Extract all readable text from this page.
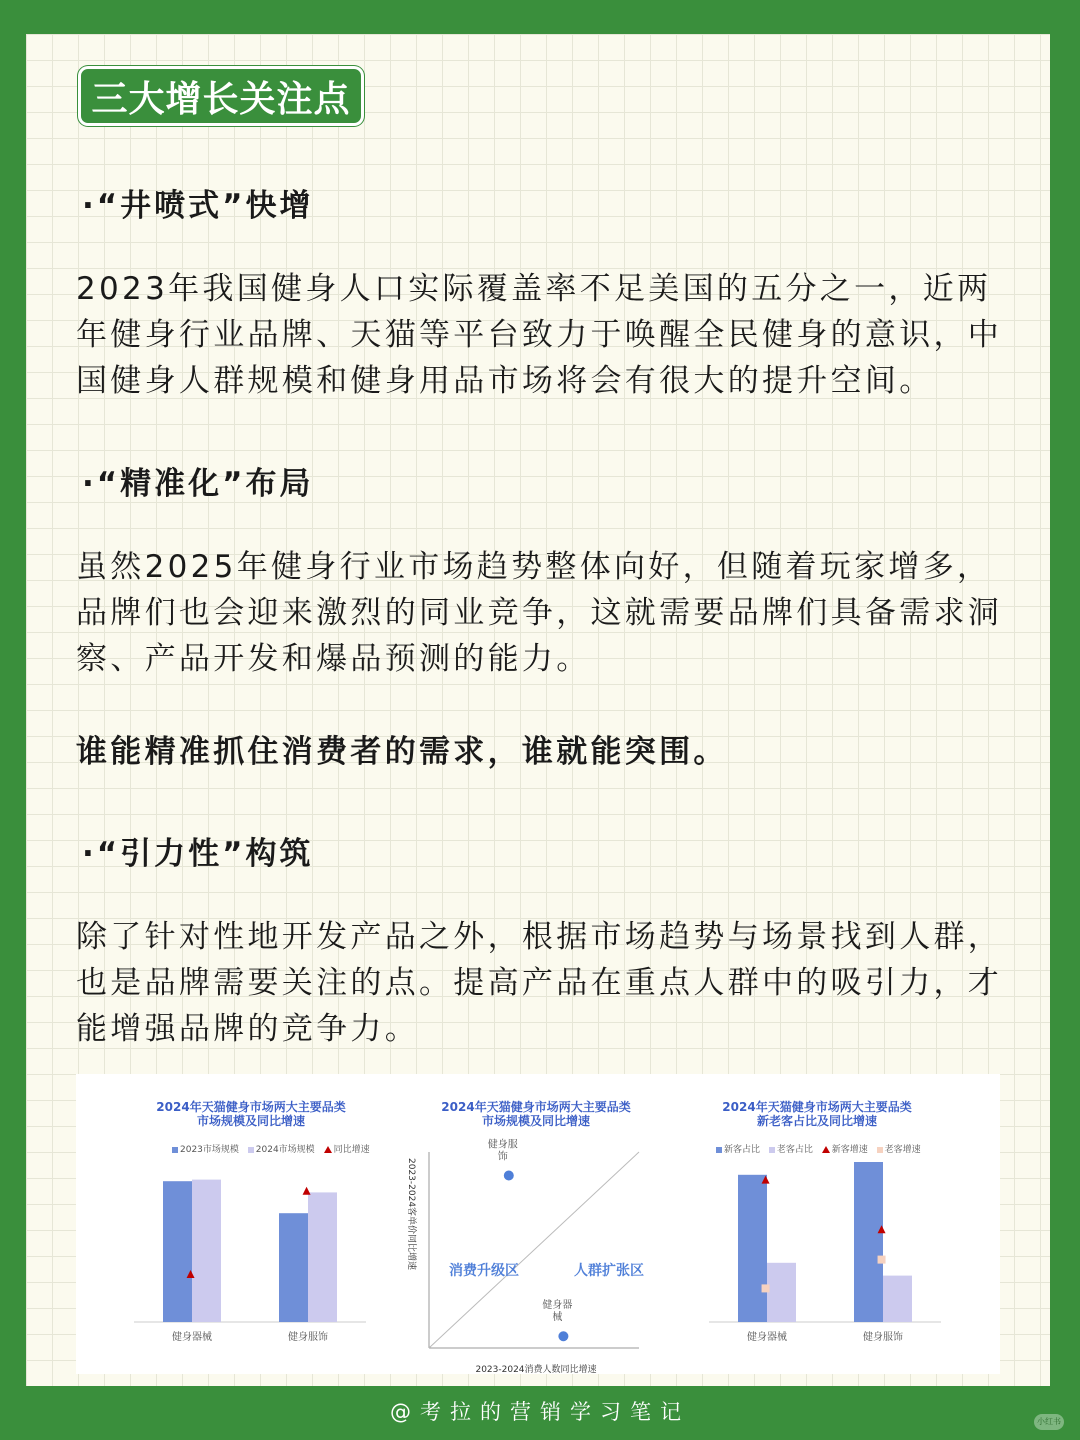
三大增长关注点
·“井喷式”快增
2023年我国健身人口实际覆盖率不足美国的五分之一，近两年健身行业品牌、天猫等平台致力于唤醒全民健身的意识，中国健身人群规模和健身用品市场将会有很大的提升空间。
·“精准化”布局
虽然2025年健身行业市场趋势整体向好，但随着玩家增多，品牌们也会迎来激烈的同业竞争，这就需要品牌们具备需求洞察、产品开发和爆品预测的能力。
谁能精准抓住消费者的需求，谁就能突围。
·“引力性”构筑
除了针对性地开发产品之外，根据市场趋势与场景找到人群，也是品牌需要关注的点。提高产品在重点人群中的吸引力，才能增强品牌的竞争力。
2024年天猫健身市场两大主要品类
市场规模及同比增速
2023市场规模 2024市场规模 同比增速
健身器械	健身服饰
2024年天猫健身市场两大主要品类
市场规模及同比增速
消费升级区	人群扩张区
健身服
饰
健身器
械
2023-2024消费人数同比增速
2023-2024客单价同比增速
2024年天猫健身市场两大主要品类
新老客占比及同比增速
新客占比 老客占比 新客增速 老客增速
健身器械	健身服饰
@考拉的营销学习笔记	小红书
